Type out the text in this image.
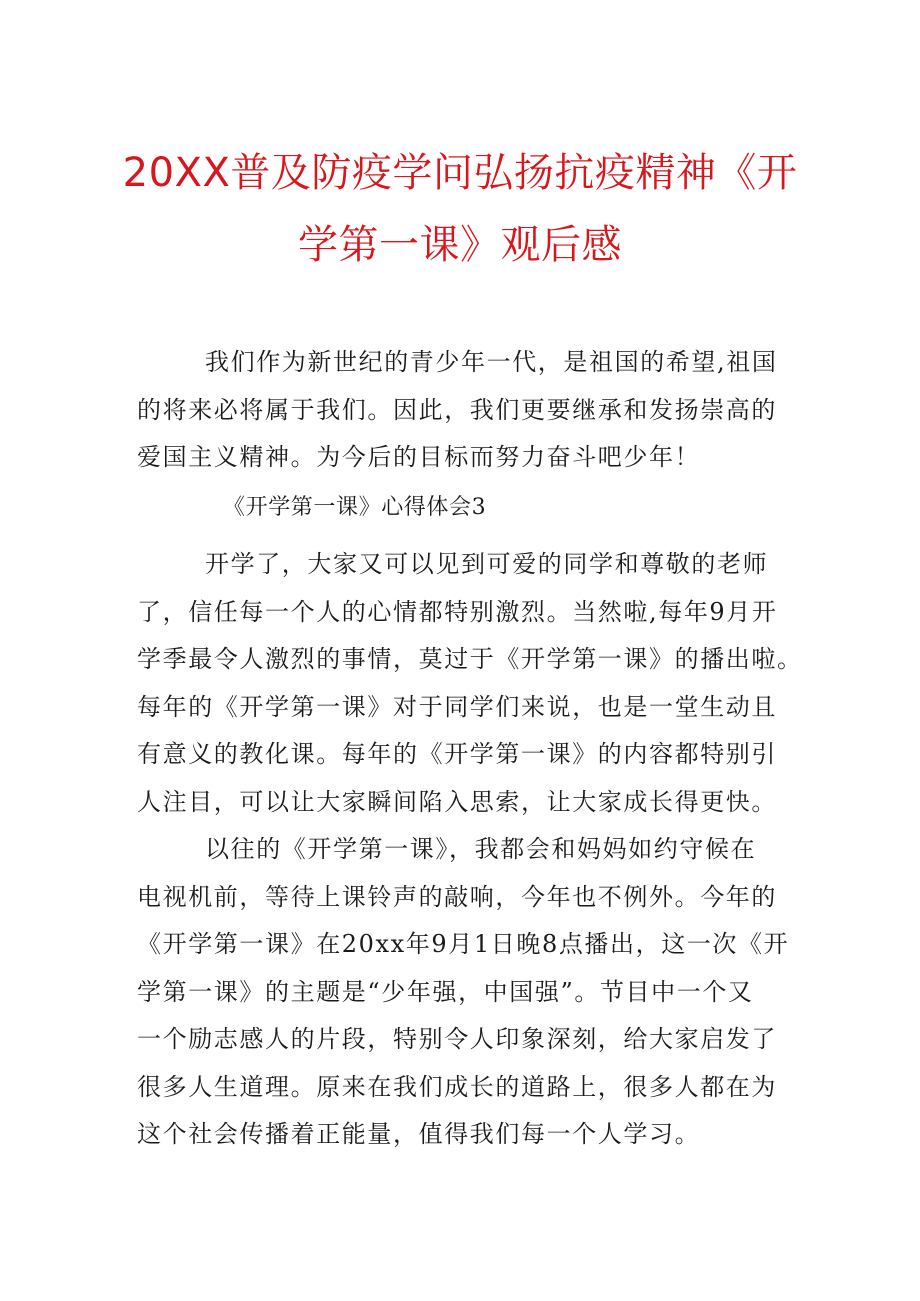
20XX普及防疫学问弘扬抗疫精神《开
学第一课》观后感
我们作为新世纪的青少年一代，是祖国的希望,祖国
的将来必将属于我们。因此，我们更要继承和发扬崇高的
爱国主义精神。为今后的目标而努力奋斗吧少年！
《开学第一课》心得体会3
开学了，大家又可以见到可爱的同学和尊敬的老师
了，信任每一个人的心情都特别激烈。当然啦,每年9月开
学季最令人激烈的事情，莫过于《开学第一课》的播出啦。
每年的《开学第一课》对于同学们来说，也是一堂生动且
有意义的教化课。每年的《开学第一课》的内容都特别引
人注目，可以让大家瞬间陷入思索，让大家成长得更快。
以往的《开学第一课》，我都会和妈妈如约守候在
电视机前，等待上课铃声的敲响，今年也不例外。今年的
《开学第一课》在20xx年9月1日晚8点播出，这一次《开
学第一课》的主题是“少年强，中国强”。节目中一个又
一个励志感人的片段，特别令人印象深刻，给大家启发了
很多人生道理。原来在我们成长的道路上，很多人都在为
这个社会传播着正能量，值得我们每一个人学习。
